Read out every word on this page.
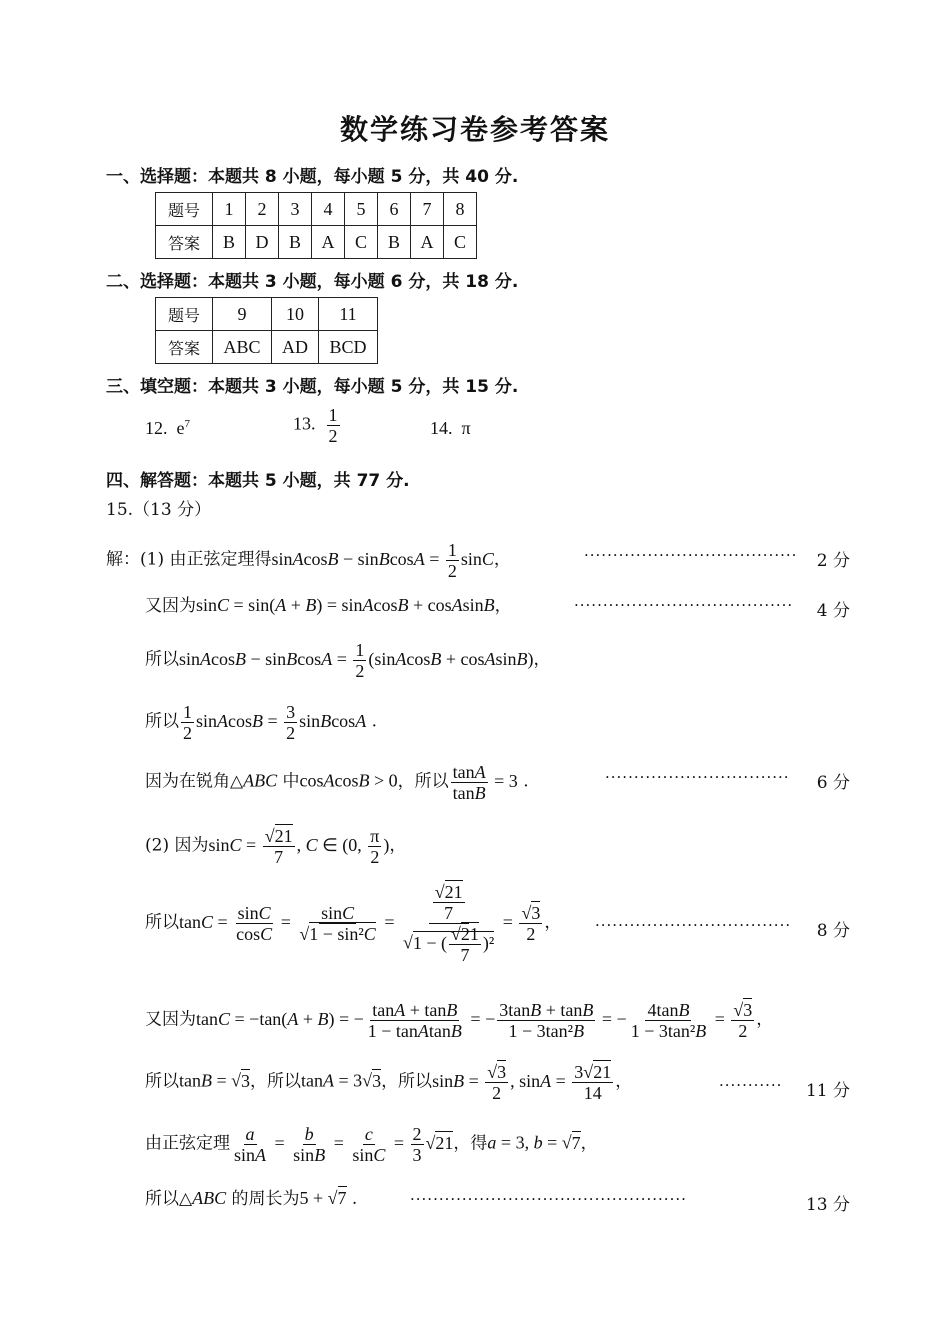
数学练习卷参考答案
一、选择题：本题共 8 小题，每小题 5 分，共 40 分.
题号	1	2	3	4	5	6	7	8
答案	B	D	B	A	C	B	A	C
二、选择题：本题共 3 小题，每小题 6 分，共 18 分.
题号	9	10	11
答案	ABC	AD	BCD
三、填空题：本题共 3 小题，每小题 5 分，共 15 分.
12. $e^7$	13. $\frac{1}{2}$	14. π
四、解答题：本题共 5 小题，共 77 分.
15.（13 分）
解：(1) 由正弦定理得sinAcosB − sinBcosA = $\frac{1}{2}$ sinC，	·····································	2 分
又因为sinC = sin(A + B) = sinAcosB + cosAsinB，	······································	4 分
所以sinAcosB − sinBcosA = $\frac{1}{2}$ (sinAcosB + cosAsinB)，
所以 $\frac{1}{2}$ sinAcosB = $\frac{3}{2}$ sinBcosA .
因为在锐角△ABC 中cosAcosB > 0，所以 $\frac{\tan A}{\tan B} = 3$ .	································	6 分
(2) 因为$\sin C = \frac{√21}{7}$ , C ∈ (0, $\frac{\pi}{2}$ )，
所以$\tan C = \frac{\sin C}{\cos C} = \frac{\sin C}{\text{√1 − sin²C}} = \frac{\frac{√21}{7}}{√1 - ( \frac{√21}{7} )^2} = \frac{√3}{2}$ ， ··································	8 分
又因为tanC = −tan(A + B) = − $\frac{\tan A + \tan B}{\text{1 − tanAtanB}}$ = − $\frac{3\tan B + \tan B}{\text{1 − 3tan²B}}$ = − $\frac{4\tan B}{\text{1 − 3tan²B}} = \frac{√3}{2}$ ，
所以tanB = √3，所以tanA = 3√3，所以$\sin B = \frac{√3}{2}$ , $\sin A = \frac{3√21}{14}$ ，	···········	11 分
由正弦定理 $\frac{a}{\sin A} = \frac{b}{\sin B} = \frac{c}{\sin C} = \frac{2}{3} √21$，得a = 3, b = √7，
所以△ABC 的周长为5 + √7 .	················································	13 分
